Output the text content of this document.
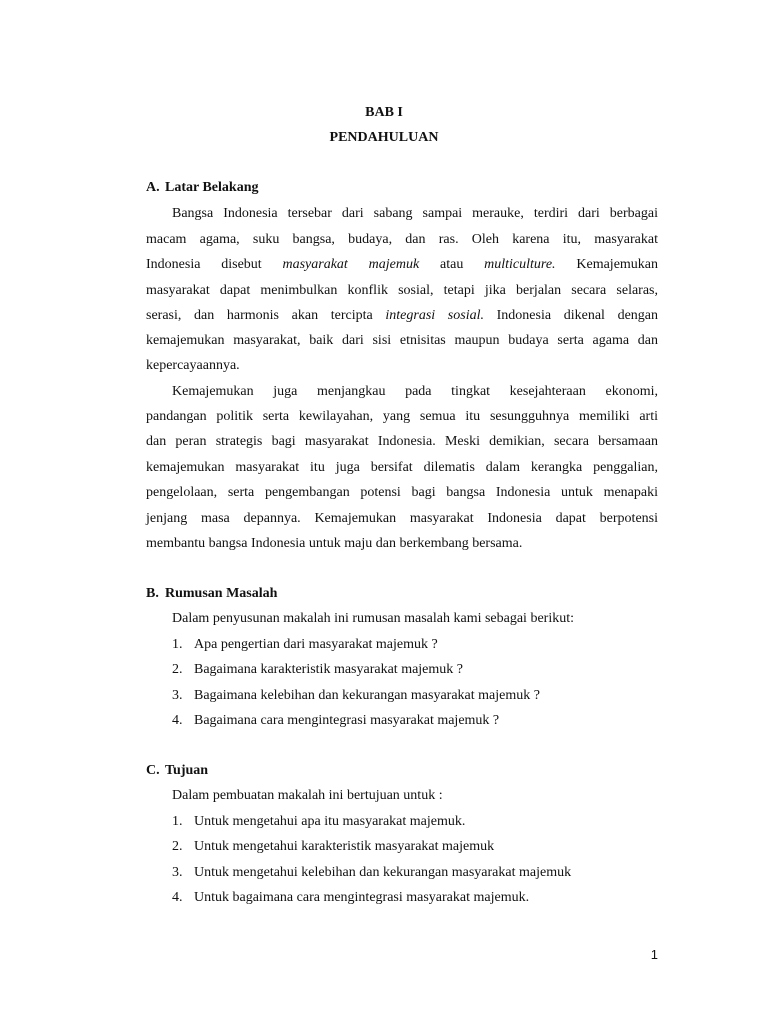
BAB I
PENDAHULUAN
A. Latar Belakang
Bangsa Indonesia tersebar dari sabang sampai merauke, terdiri dari berbagai
macam agama, suku bangsa, budaya, dan ras. Oleh karena itu, masyarakat
Indonesia disebut masyarakat majemuk atau multiculture. Kemajemukan
masyarakat dapat menimbulkan konflik sosial, tetapi jika berjalan secara selaras,
serasi, dan harmonis akan tercipta integrasi sosial. Indonesia dikenal dengan
kemajemukan masyarakat, baik dari sisi etnisitas maupun budaya serta agama dan
kepercayaannya.
Kemajemukan juga menjangkau pada tingkat kesejahteraan ekonomi,
pandangan politik serta kewilayahan, yang semua itu sesungguhnya memiliki arti
dan peran strategis bagi masyarakat Indonesia. Meski demikian, secara bersamaan
kemajemukan masyarakat itu juga bersifat dilematis dalam kerangka penggalian,
pengelolaan, serta pengembangan potensi bagi bangsa Indonesia untuk menapaki
jenjang masa depannya. Kemajemukan masyarakat Indonesia dapat berpotensi
membantu bangsa Indonesia untuk maju dan berkembang bersama.
B. Rumusan Masalah
Dalam penyusunan makalah ini rumusan masalah kami sebagai berikut:
1. Apa pengertian dari masyarakat majemuk ?
2. Bagaimana karakteristik masyarakat majemuk ?
3. Bagaimana kelebihan dan kekurangan masyarakat majemuk ?
4. Bagaimana cara mengintegrasi masyarakat majemuk ?
C. Tujuan
Dalam pembuatan makalah ini bertujuan untuk :
1. Untuk mengetahui apa itu masyarakat majemuk.
2. Untuk mengetahui karakteristik masyarakat majemuk
3. Untuk mengetahui kelebihan dan kekurangan masyarakat majemuk
4. Untuk bagaimana cara mengintegrasi masyarakat majemuk.
1
